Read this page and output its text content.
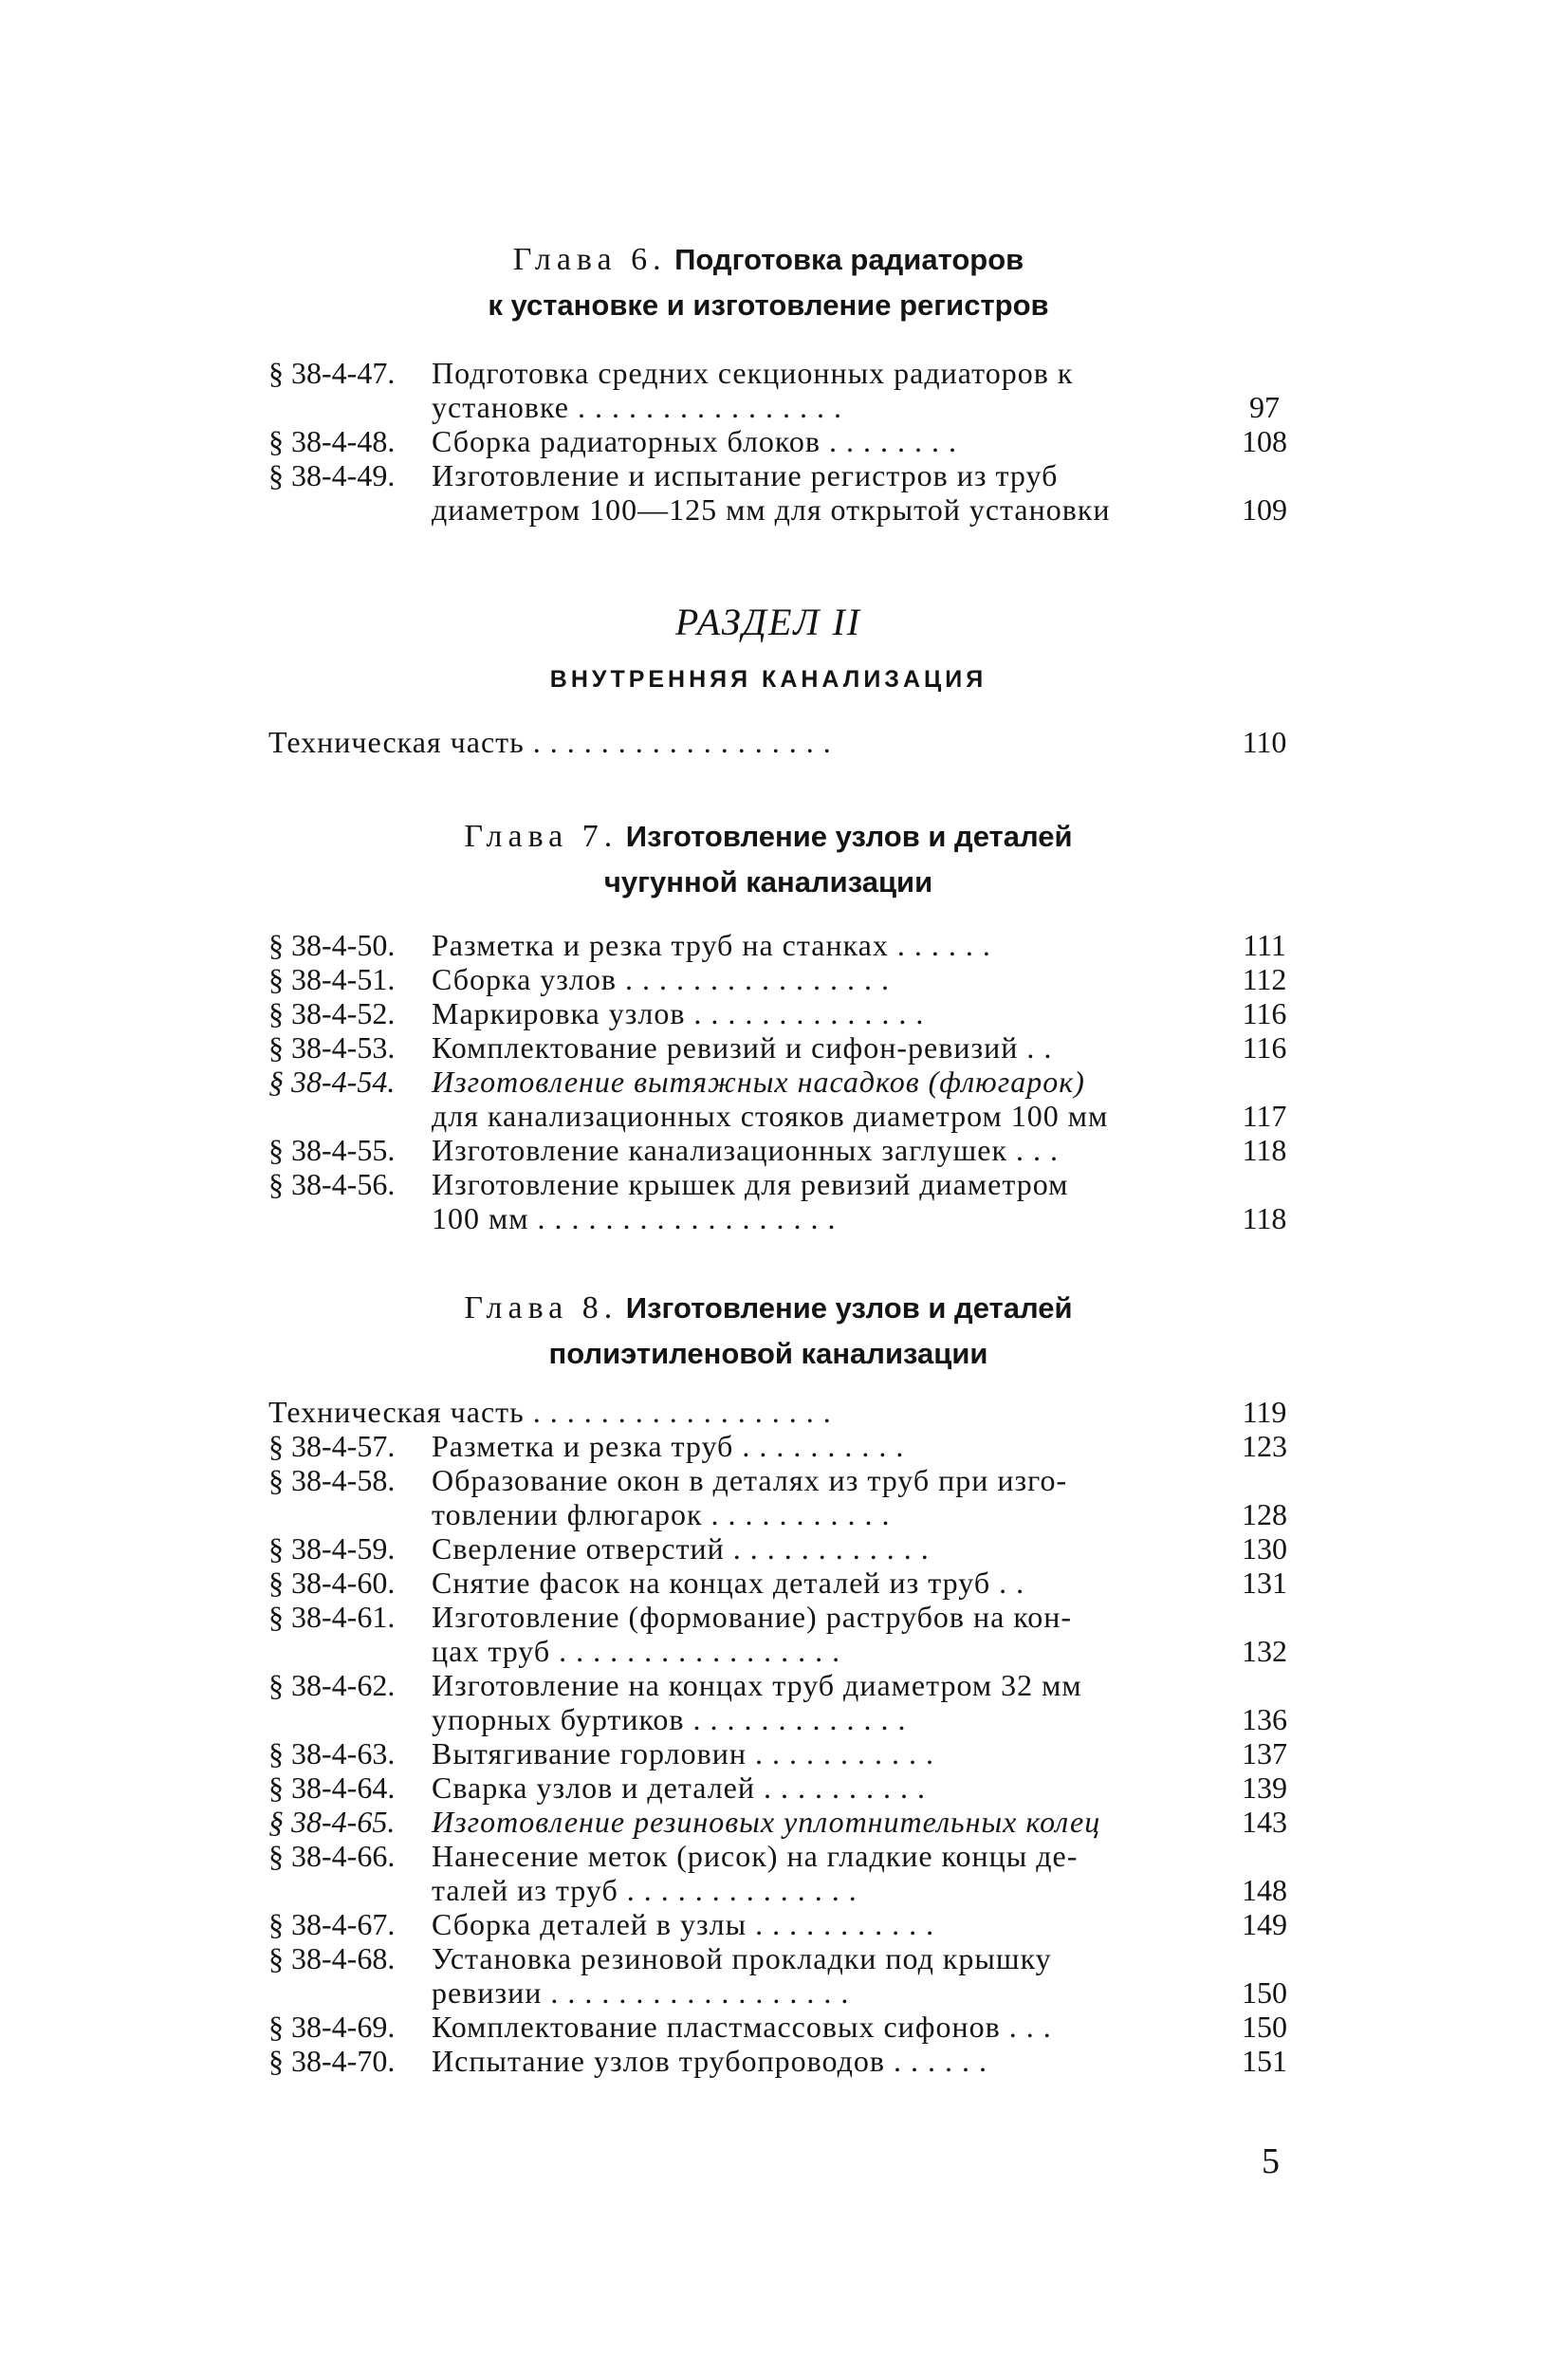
Глава 6. Подготовка радиаторов
к установке и изготовление регистров
§ 38-4-47. Подготовка средних секционных радиаторов к
установке . . . . . . . . . . . . . . . .	97
§ 38-4-48. Сборка радиаторных блоков . . . . . . . .	108
§ 38-4-49. Изготовление и испытание регистров из труб
диаметром 100—125 мм для открытой установки	109
РАЗДЕЛ II
ВНУТРЕННЯЯ КАНАЛИЗАЦИЯ
Техническая часть . . . . . . . . . . . . . . . . . .	110
Глава 7. Изготовление узлов и деталей
чугунной канализации
§ 38-4-50. Разметка и резка труб на станках . . . . . .	111
§ 38-4-51. Сборка узлов . . . . . . . . . . . . . . . .	112
§ 38-4-52. Маркировка узлов . . . . . . . . . . . . . .	116
§ 38-4-53. Комплектование ревизий и сифон-ревизий . .	116
§ 38-4-54. Изготовление вытяжных насадков (флюгарок)
для канализационных стояков диаметром 100 мм	117
§ 38-4-55. Изготовление канализационных заглушек . . .	118
§ 38-4-56. Изготовление крышек для ревизий диаметром
100 мм . . . . . . . . . . . . . . . . . .	118
Глава 8. Изготовление узлов и деталей
полиэтиленовой канализации
Техническая часть . . . . . . . . . . . . . . . . . .	119
§ 38-4-57. Разметка и резка труб . . . . . . . . . .	123
§ 38-4-58. Образование окон в деталях из труб при изго-
товлении флюгарок . . . . . . . . . . .	128
§ 38-4-59. Сверление отверстий . . . . . . . . . . . .	130
§ 38-4-60. Снятие фасок на концах деталей из труб . .	131
§ 38-4-61. Изготовление (формование) раструбов на кон-
цах труб . . . . . . . . . . . . . . . . .	132
§ 38-4-62. Изготовление на концах труб диаметром 32 мм
упорных буртиков . . . . . . . . . . . . .	136
§ 38-4-63. Вытягивание горловин . . . . . . . . . . .	137
§ 38-4-64. Сварка узлов и деталей . . . . . . . . . .	139
§ 38-4-65. Изготовление резиновых уплотнительных колец	143
§ 38-4-66. Нанесение меток (рисок) на гладкие концы де-
талей из труб . . . . . . . . . . . . . .	148
§ 38-4-67. Сборка деталей в узлы . . . . . . . . . . .	149
§ 38-4-68. Установка резиновой прокладки под крышку
ревизии . . . . . . . . . . . . . . . . . .	150
§ 38-4-69. Комплектование пластмассовых сифонов . . .	150
§ 38-4-70. Испытание узлов трубопроводов . . . . . .	151
5
